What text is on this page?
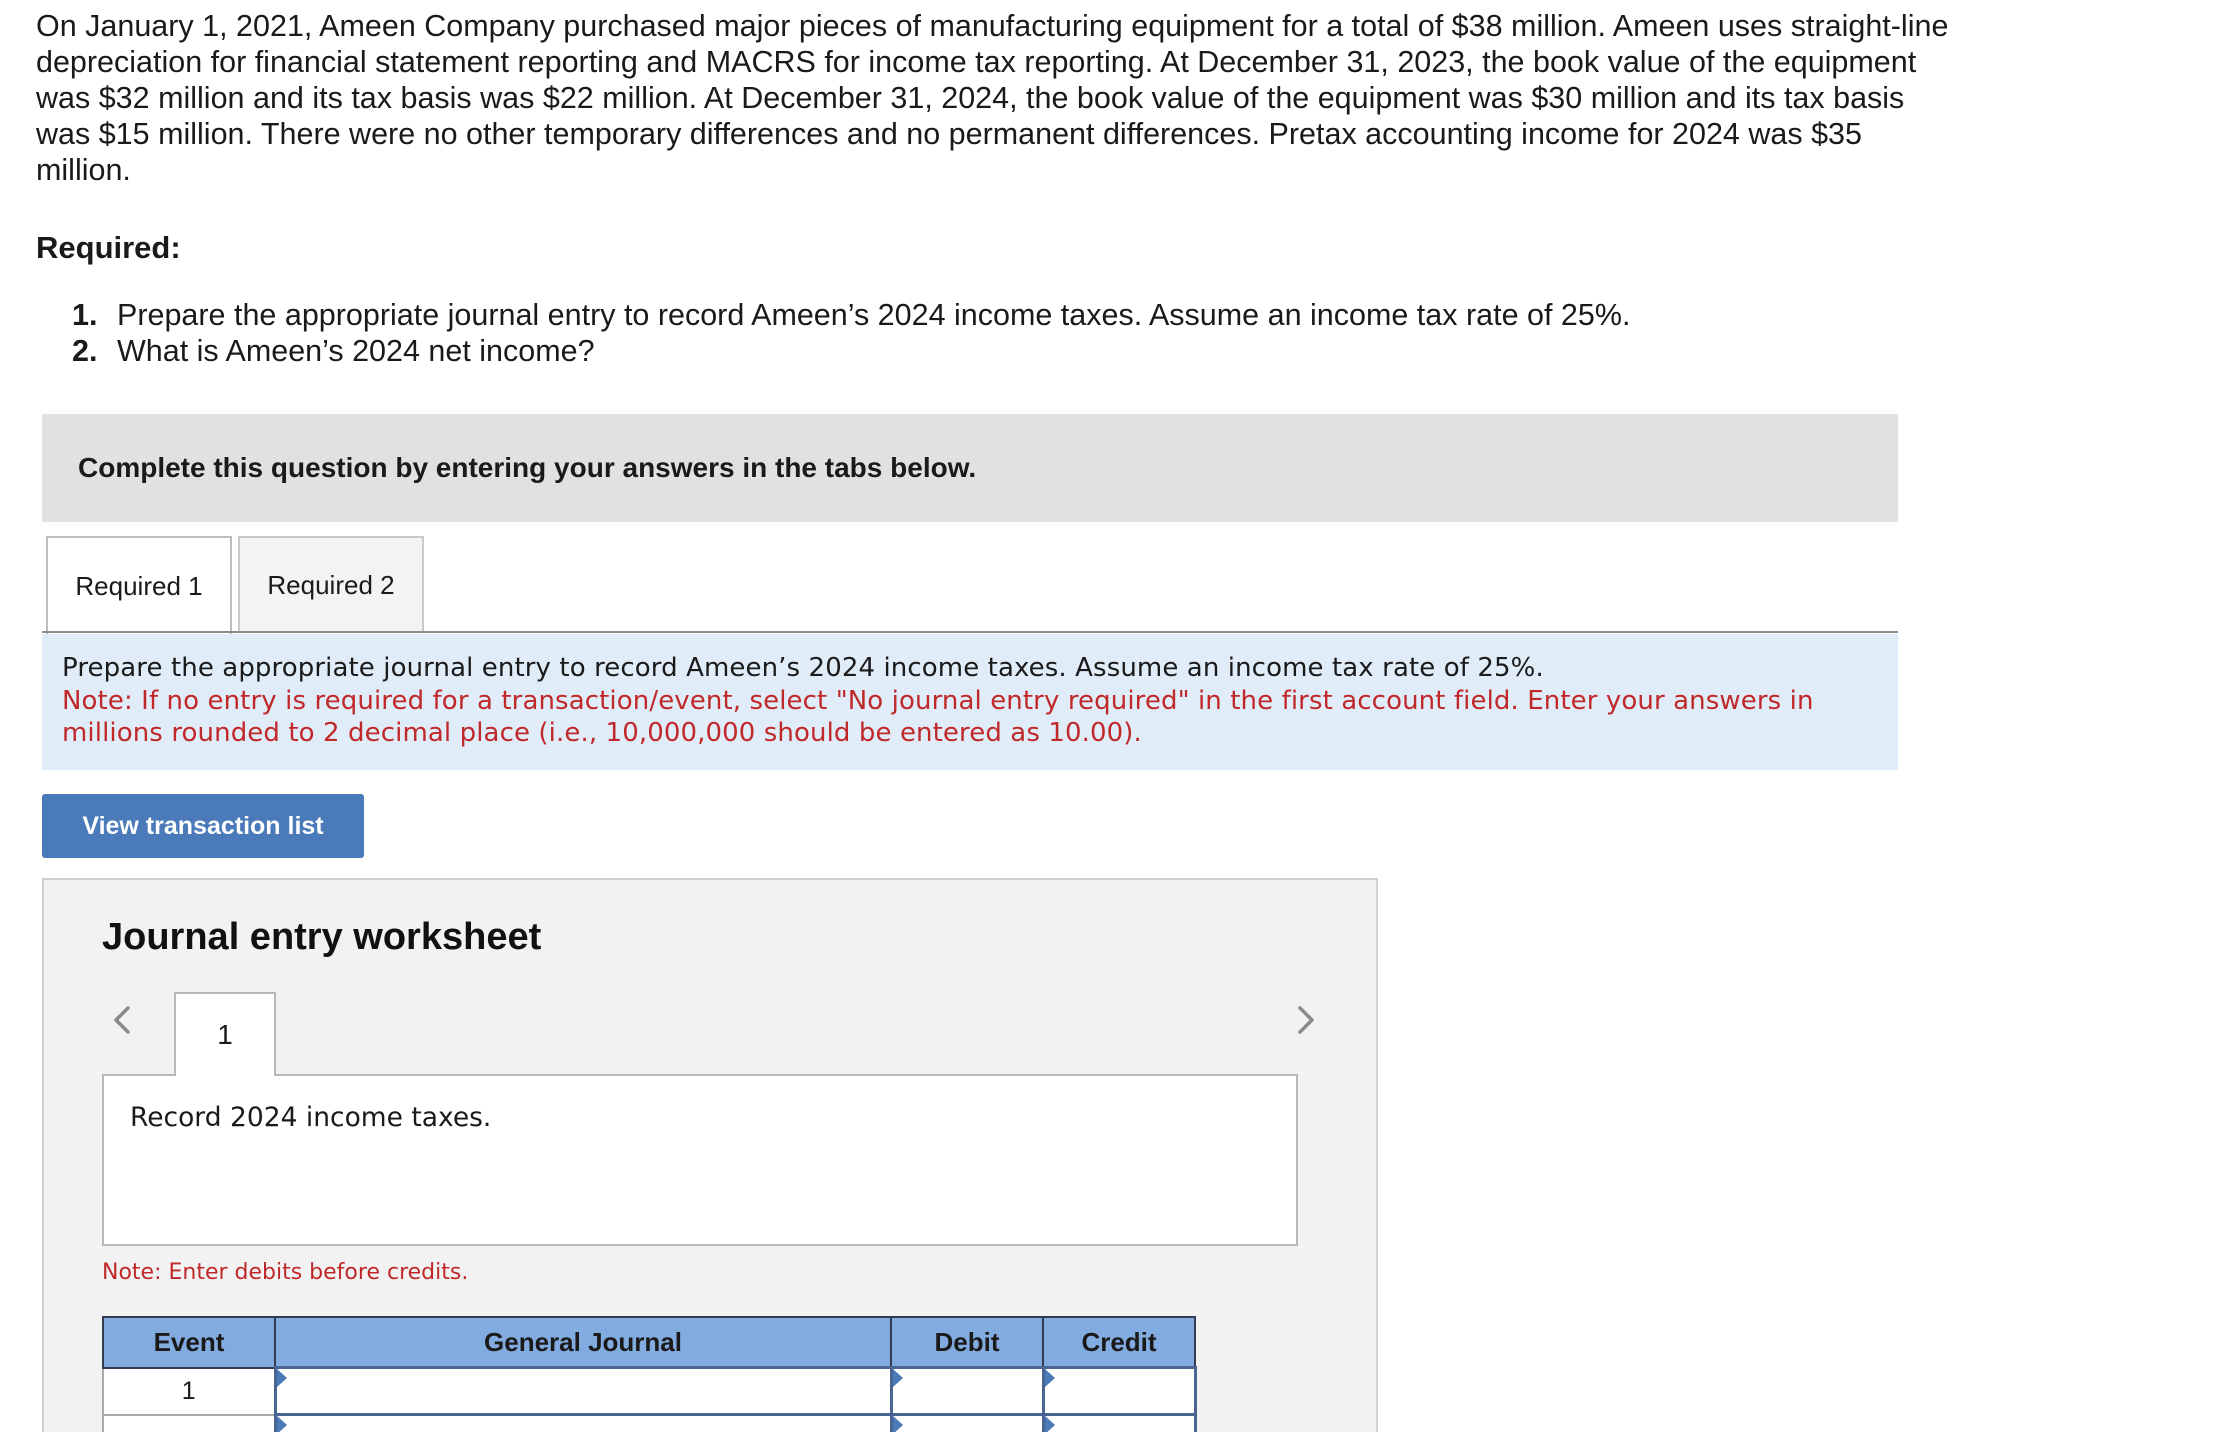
On January 1, 2021, Ameen Company purchased major pieces of manufacturing equipment for a total of $38 million. Ameen uses straight-line depreciation for financial statement reporting and MACRS for income tax reporting. At December 31, 2023, the book value of the equipment was $32 million and its tax basis was $22 million. At December 31, 2024, the book value of the equipment was $30 million and its tax basis was $15 million. There were no other temporary differences and no permanent differences. Pretax accounting income for 2024 was $35 million.

Required:
1. Prepare the appropriate journal entry to record Ameen’s 2024 income taxes. Assume an income tax rate of 25%.
2. What is Ameen’s 2024 net income?
Complete this question by entering your answers in the tabs below.
Required 1 Required 2
Prepare the appropriate journal entry to record Ameen’s 2024 income taxes. Assume an income tax rate of 25%.
Note: If no entry is required for a transaction/event, select "No journal entry required" in the first account field. Enter your answers in millions rounded to 2 decimal place (i.e., 10,000,000 should be entered as 10.00).
View transaction list
Journal entry worksheet
1
Record 2024 income taxes.
Note: Enter debits before credits.
Event	General Journal	Debit	Credit
1	
